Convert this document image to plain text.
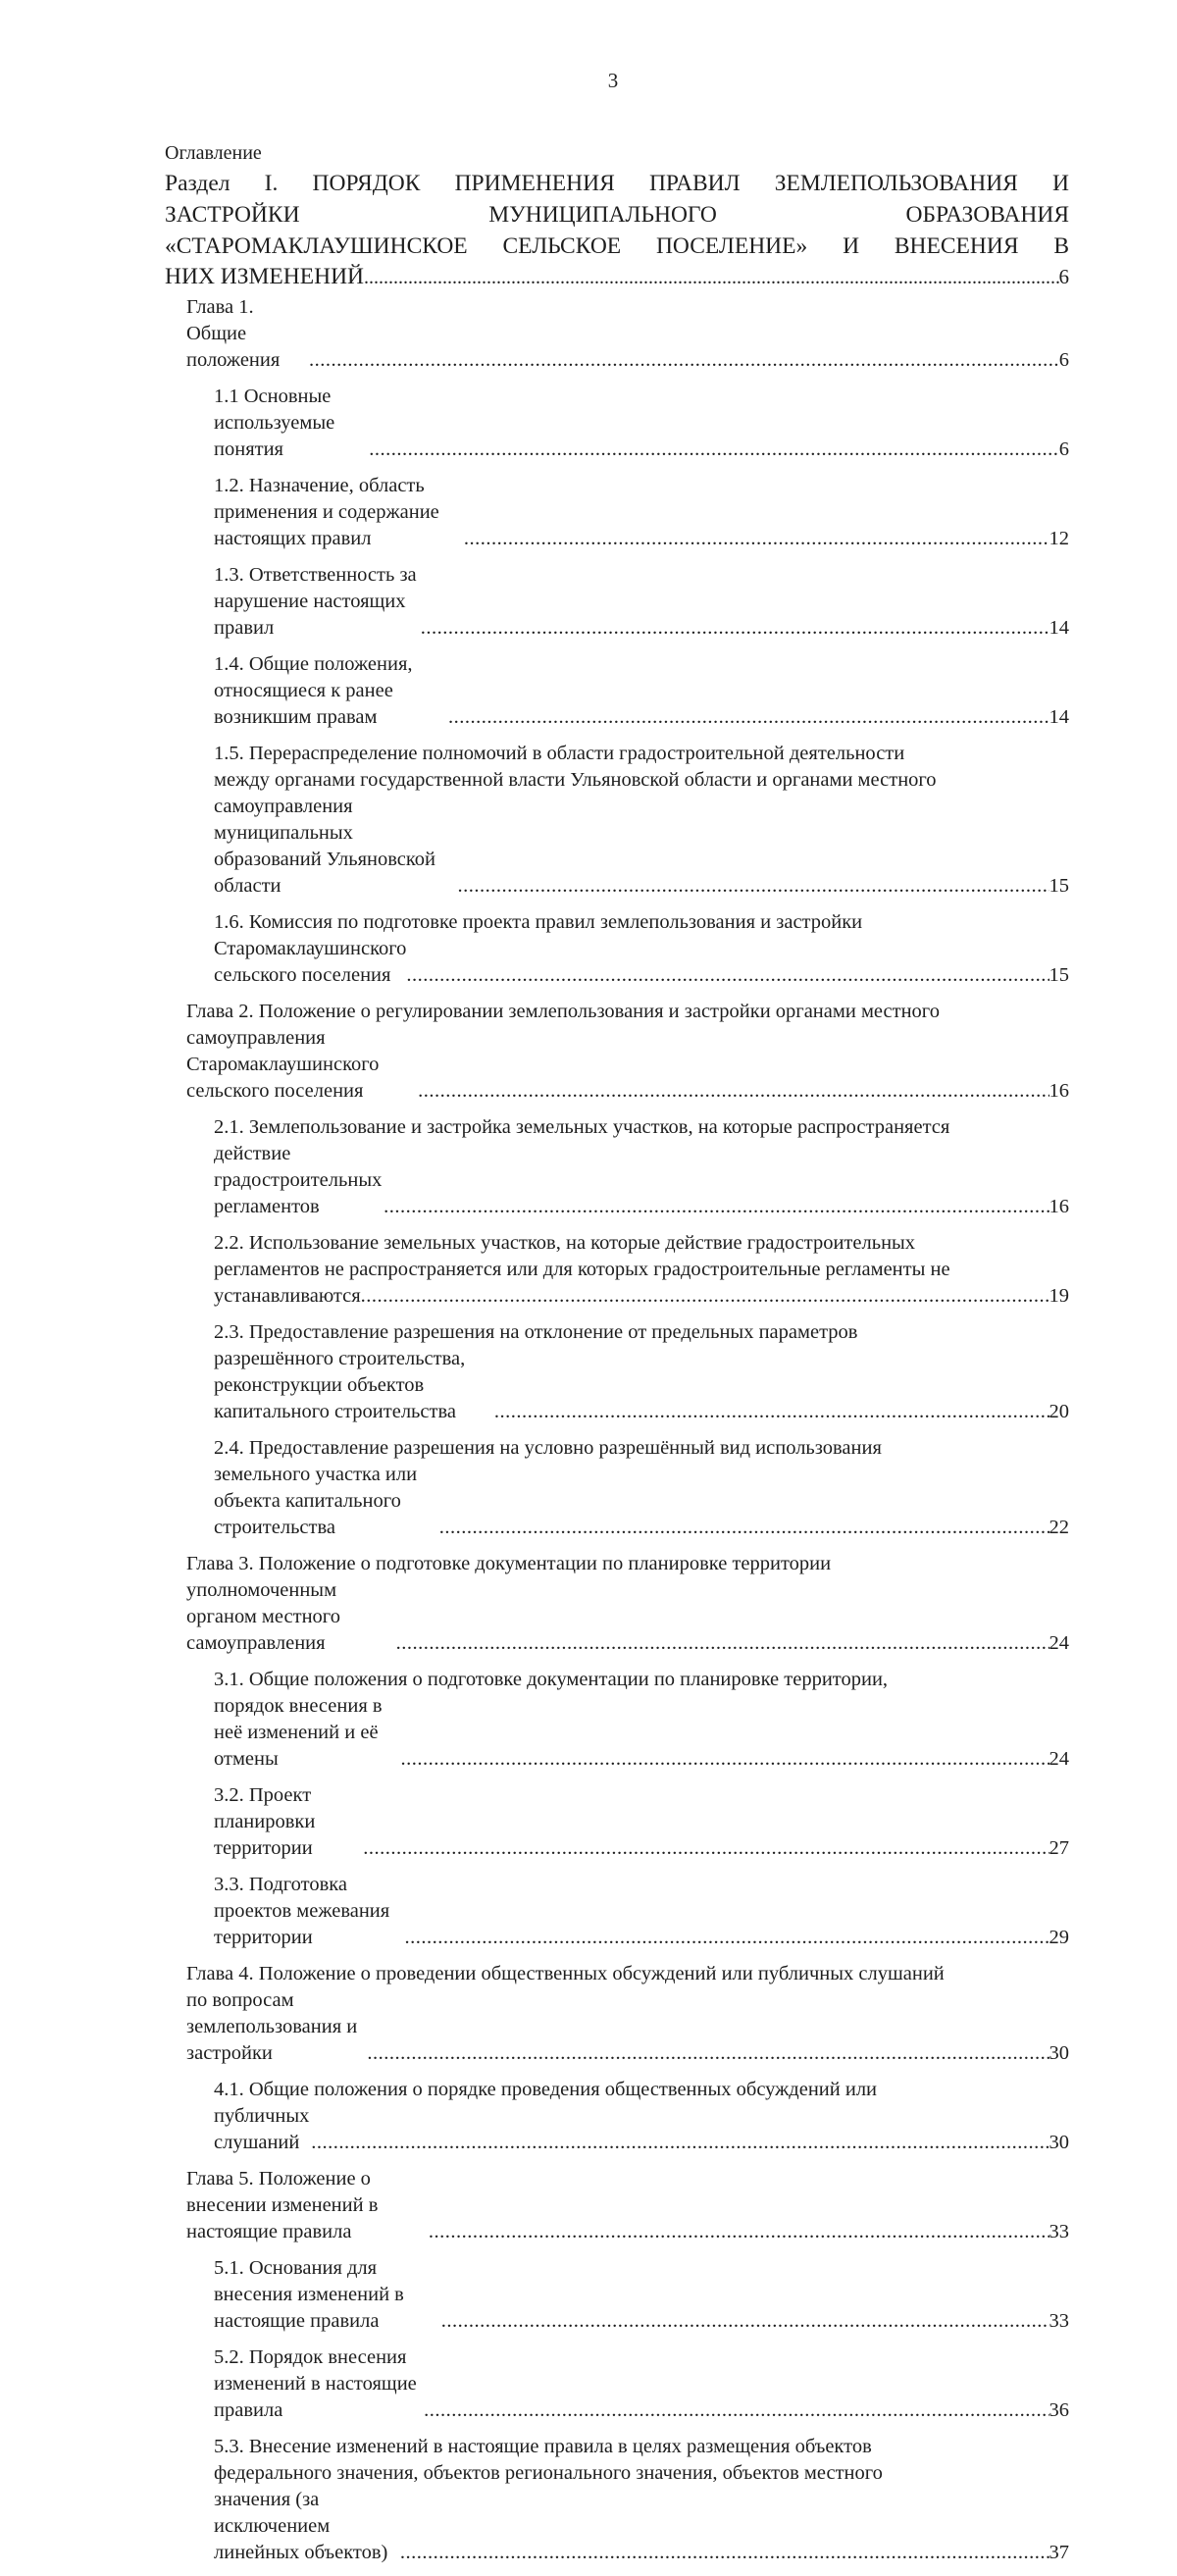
3
Оглавление
Раздел I. ПОРЯДОК ПРИМЕНЕНИЯ ПРАВИЛ ЗЕМЛЕПОЛЬЗОВАНИЯ И
ЗАСТРОЙКИ МУНИЦИПАЛЬНОГО ОБРАЗОВАНИЯ
«СТАРОМАКЛАУШИНСКОЕ СЕЛЬСКОЕ ПОСЕЛЕНИЕ» И ВНЕСЕНИЯ В
НИХ ИЗМЕНЕНИЙ .....	6
Глава 1. Общие положения .....	6
1.1 Основные используемые понятия .....	6
1.2. Назначение, область применения и содержание настоящих правил .....	12
1.3. Ответственность за нарушение настоящих правил .....	14
1.4. Общие положения, относящиеся к ранее возникшим правам .....	14
1.5. Перераспределение полномочий в области градостроительной деятельности
между органами государственной власти Ульяновской области и органами местного
самоуправления муниципальных образований Ульяновской области .....	15
1.6. Комиссия по подготовке проекта правил землепользования и застройки
Старомаклаушинского сельского поселения .....	15
Глава 2. Положение о регулировании землепользования и застройки органами местного
самоуправления Старомаклаушинского сельского поселения .....	16
2.1. Землепользование и застройка земельных участков, на которые распространяется
действие градостроительных регламентов .....	16
2.2. Использование земельных участков, на которые действие градостроительных
регламентов не распространяется или для которых градостроительные регламенты не
устанавливаются .....	19
2.3. Предоставление разрешения на отклонение от предельных параметров
разрешённого строительства, реконструкции объектов капитального строительства .....	20
2.4. Предоставление разрешения на условно разрешённый вид использования
земельного участка или объекта капитального строительства .....	22
Глава 3. Положение о подготовке документации по планировке территории
уполномоченным органом местного самоуправления .....	24
3.1. Общие положения о подготовке документации по планировке территории,
порядок внесения в неё изменений и её отмены .....	24
3.2. Проект планировки территории .....	27
3.3. Подготовка проектов межевания территории .....	29
Глава 4. Положение о проведении общественных обсуждений или публичных слушаний
по вопросам землепользования и застройки .....	30
4.1. Общие положения о порядке проведения общественных обсуждений или
публичных слушаний .....	30
Глава 5. Положение о внесении изменений в настоящие правила .....	33
5.1. Основания для внесения изменений в настоящие правила .....	33
5.2. Порядок внесения изменений в настоящие правила .....	36
5.3. Внесение изменений в настоящие правила в целях размещения объектов
федерального значения, объектов регионального значения, объектов местного
значения (за исключением линейных объектов) .....	37
